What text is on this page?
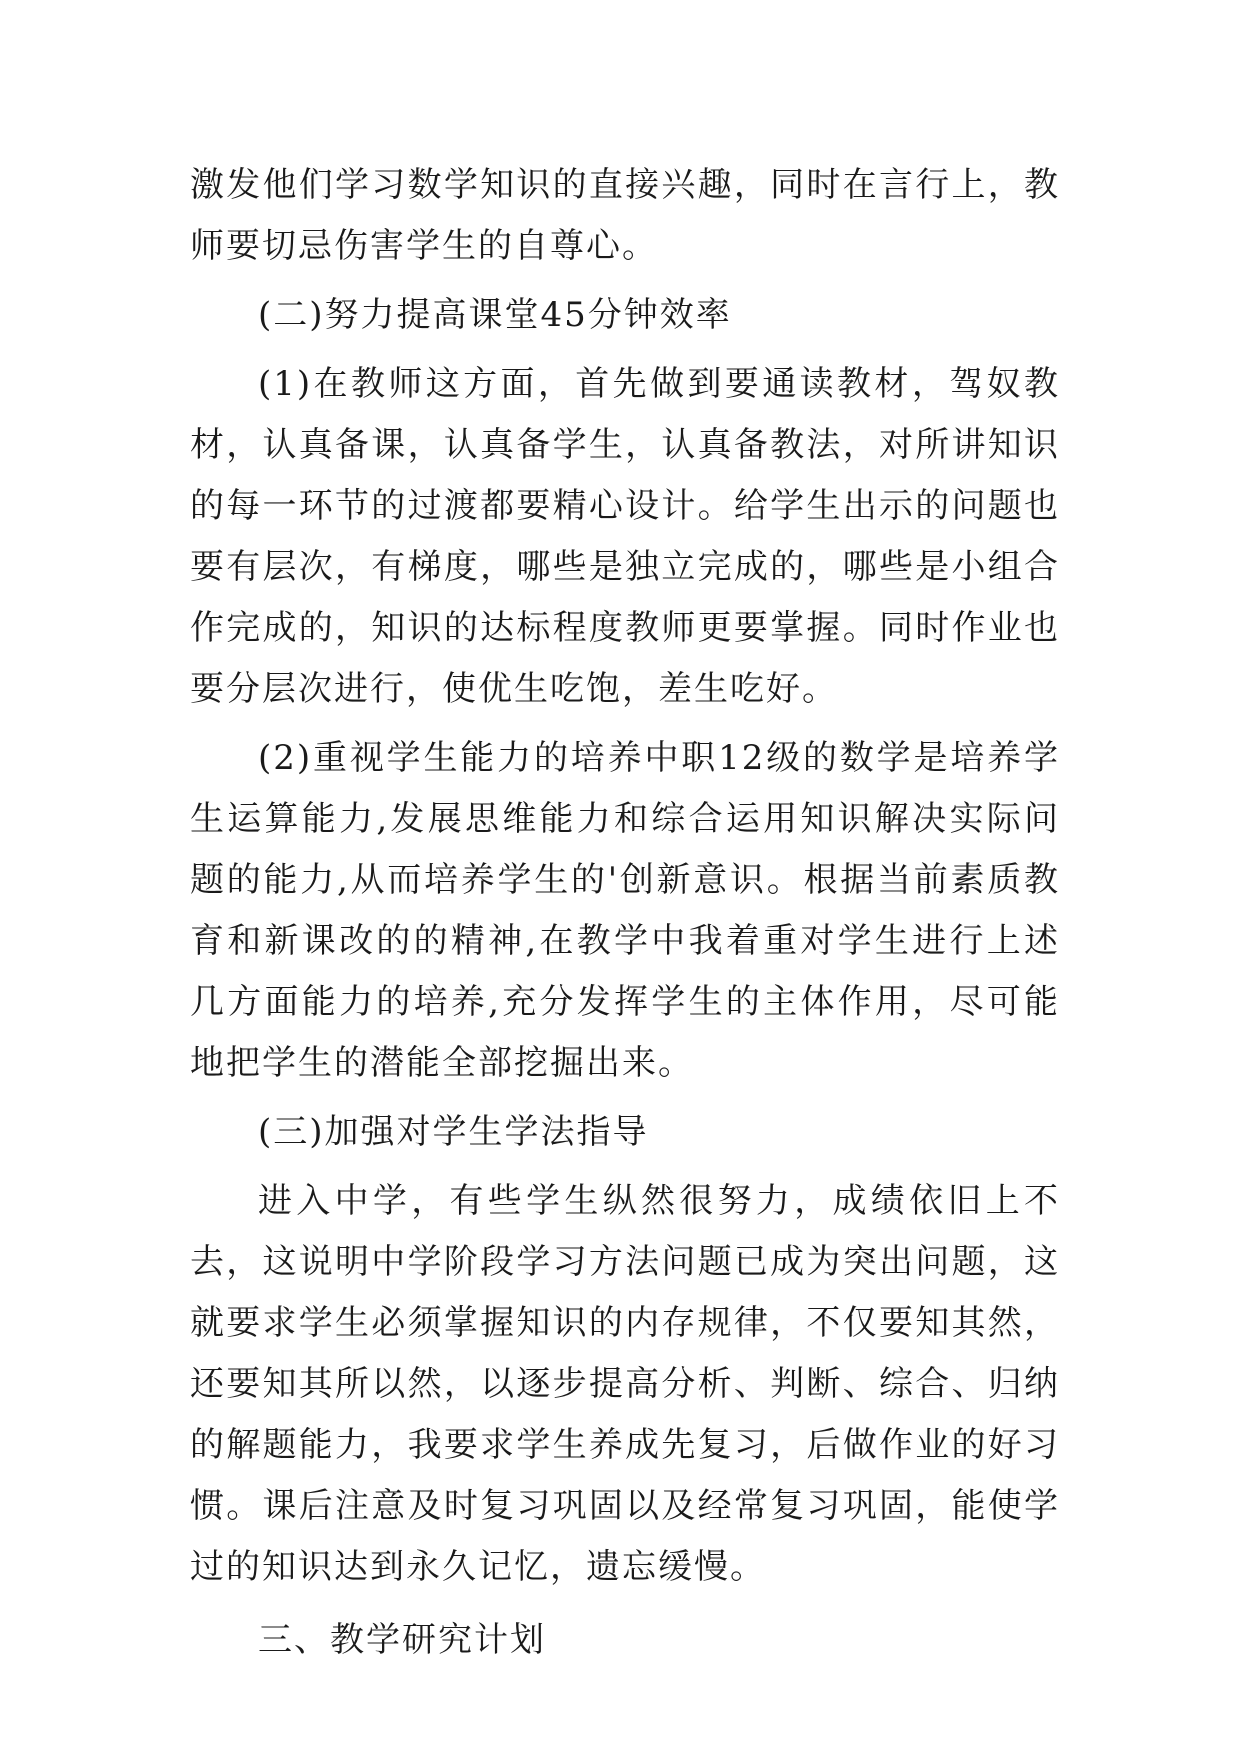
激发他们学习数学知识的直接兴趣，同时在言行上，教师要切忌伤害学生的自尊心。

(二)努力提高课堂45分钟效率

(1)在教师这方面，首先做到要通读教材，驾奴教材，认真备课，认真备学生，认真备教法，对所讲知识的每一环节的过渡都要精心设计。给学生出示的问题也要有层次，有梯度，哪些是独立完成的，哪些是小组合作完成的，知识的达标程度教师更要掌握。同时作业也要分层次进行，使优生吃饱，差生吃好。

(2)重视学生能力的培养中职12级的数学是培养学生运算能力,发展思维能力和综合运用知识解决实际问题的能力,从而培养学生的'创新意识。根据当前素质教育和新课改的的精神,在教学中我着重对学生进行上述几方面能力的培养,充分发挥学生的主体作用，尽可能地把学生的潜能全部挖掘出来。

(三)加强对学生学法指导

进入中学，有些学生纵然很努力，成绩依旧上不去，这说明中学阶段学习方法问题已成为突出问题，这就要求学生必须掌握知识的内存规律，不仅要知其然，还要知其所以然，以逐步提高分析、判断、综合、归纳的解题能力，我要求学生养成先复习，后做作业的好习惯。课后注意及时复习巩固以及经常复习巩固，能使学过的知识达到永久记忆，遗忘缓慢。

三、教学研究计划
